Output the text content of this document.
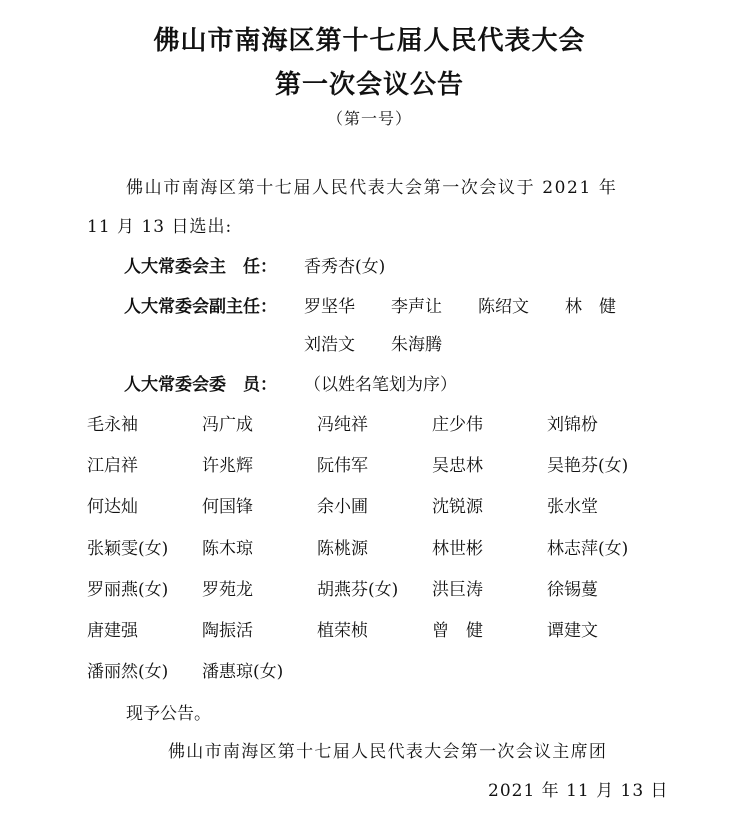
佛山市南海区第十七届人民代表大会
第一次会议公告
（第一号）
佛山市南海区第十七届人民代表大会第一次会议于 2021 年
11 月 13 日选出:
人大常委会主　任： 香秀杏(女)
人大常委会副主任： 罗坚华 李声让 陈绍文 林　健
刘浩文 朱海腾
人大常委会委　员： （以姓名笔划为序）
毛永袖	冯广成	冯纯祥	庄少伟	刘锦枌
江启祥	许兆辉	阮伟军	吴忠林	吴艳芬(女)
何达灿	何国锋	余小圃	沈锐源	张水堂
张颖雯(女) 陈木琼	陈桃源	林世彬	林志萍(女)
罗丽燕(女) 罗苑龙	胡燕芬(女) 洪巨涛	徐锡蔓
唐建强	陶振活	植荣桢	曾　健	谭建文
潘丽然(女) 潘惠琼(女)
现予公告。
佛山市南海区第十七届人民代表大会第一次会议主席团
2021 年 11 月 13 日
